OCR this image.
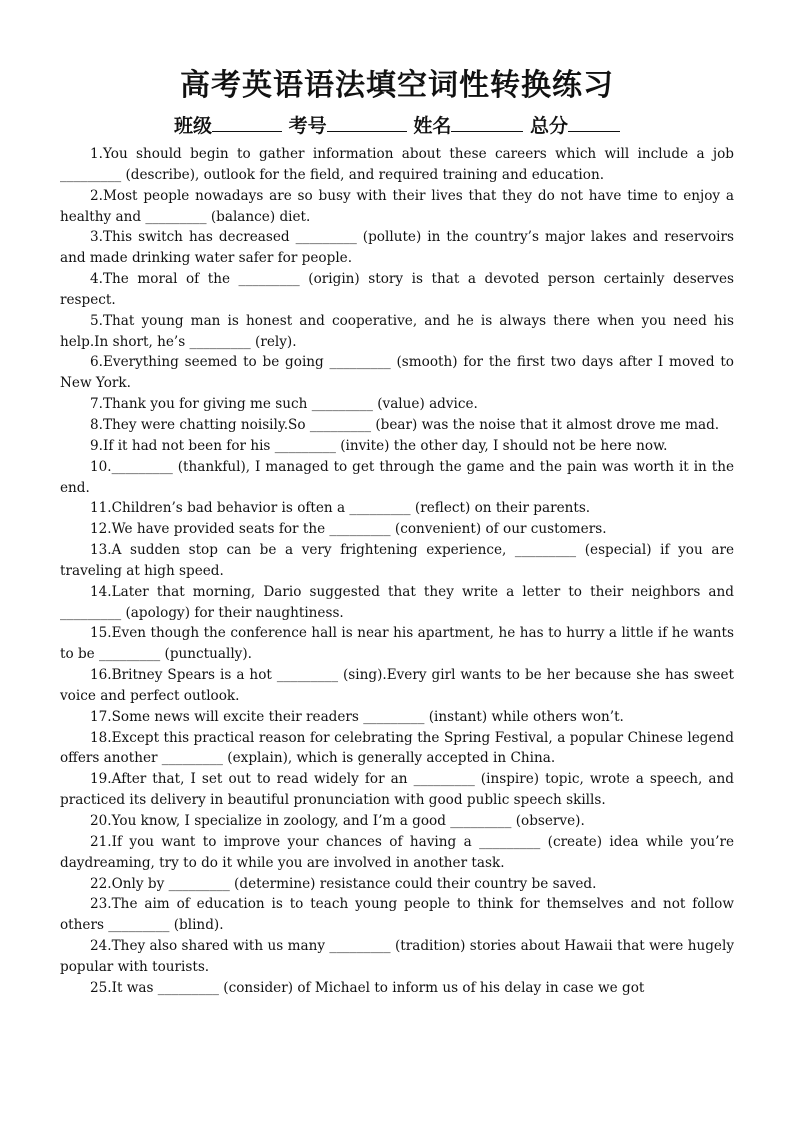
高考英语语法填空词性转换练习
班级	考号	姓名	总分

1.You should begin to gather information about these careers which will include a job _________ (describe), outlook for the field, and required training and education.

2.Most people nowadays are so busy with their lives that they do not have time to enjoy a healthy and _________ (balance) diet.

3.This switch has decreased _________ (pollute) in the country’s major lakes and reservoirs and made drinking water safer for people.

4.The moral of the _________ (origin) story is that a devoted person certainly deserves respect.

5.That young man is honest and cooperative, and he is always there when you need his help.In short, he’s _________ (rely).

6.Everything seemed to be going _________ (smooth) for the first two days after I moved to New York.

7.Thank you for giving me such _________ (value) advice.

8.They were chatting noisily.So _________ (bear) was the noise that it almost drove me mad.

9.If it had not been for his _________ (invite) the other day, I should not be here now.

10._________ (thankful), I managed to get through the game and the pain was worth it in the end.

11.Children’s bad behavior is often a _________ (reflect) on their parents.

12.We have provided seats for the _________ (convenient) of our customers.

13.A sudden stop can be a very frightening experience, _________ (especial) if you are traveling at high speed.

14.Later that morning, Dario suggested that they write a letter to their neighbors and _________ (apology) for their naughtiness.

15.Even though the conference hall is near his apartment, he has to hurry a little if he wants to be _________ (punctually).

16.Britney Spears is a hot _________ (sing).Every girl wants to be her because she has sweet voice and perfect outlook.

17.Some news will excite their readers _________ (instant) while others won’t.

18.Except this practical reason for celebrating the Spring Festival, a popular Chinese legend offers another _________ (explain), which is generally accepted in China.

19.After that, I set out to read widely for an _________ (inspire) topic, wrote a speech, and practiced its delivery in beautiful pronunciation with good public speech skills.

20.You know, I specialize in zoology, and I’m a good _________ (observe).

21.If you want to improve your chances of having a _________ (create) idea while you’re daydreaming, try to do it while you are involved in another task.

22.Only by _________ (determine) resistance could their country be saved.

23.The aim of education is to teach young people to think for themselves and not follow others _________ (blind).

24.They also shared with us many _________ (tradition) stories about Hawaii that were hugely popular with tourists.

25.It was _________ (consider) of Michael to inform us of his delay in case we got
